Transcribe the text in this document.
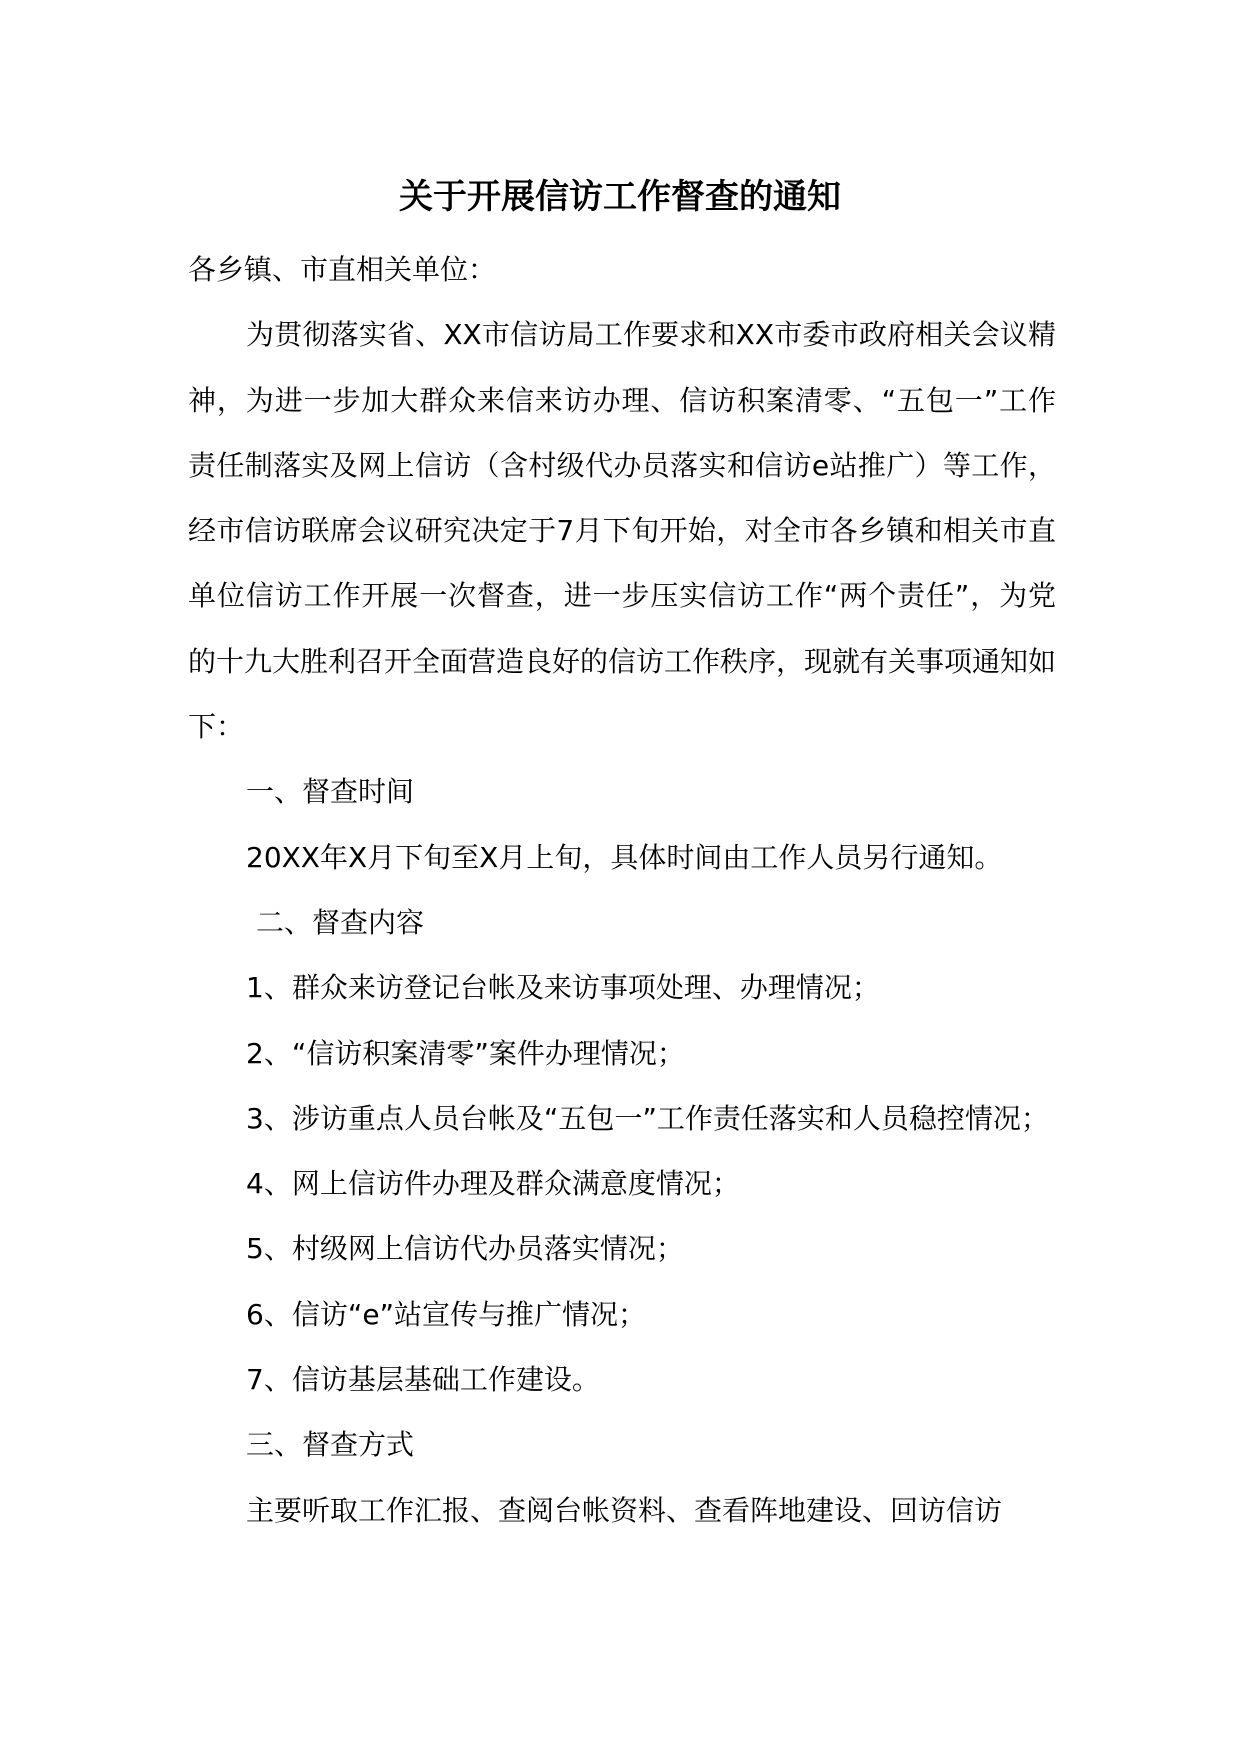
关于开展信访工作督查的通知

各乡镇、市直相关单位：

为贯彻落实省、XX市信访局工作要求和XX市委市政府相关会议精神，为进一步加大群众来信来访办理、信访积案清零、“五包一”工作责任制落实及网上信访（含村级代办员落实和信访e站推广）等工作，经市信访联席会议研究决定于7月下旬开始，对全市各乡镇和相关市直单位信访工作开展一次督查，进一步压实信访工作“两个责任”，为党的十九大胜利召开全面营造良好的信访工作秩序，现就有关事项通知如下：

一、督查时间

20XX年X月下旬至X月上旬，具体时间由工作人员另行通知。

二、督查内容

1、群众来访登记台帐及来访事项处理、办理情况；

2、“信访积案清零”案件办理情况；

3、涉访重点人员台帐及“五包一”工作责任落实和人员稳控情况；

4、网上信访件办理及群众满意度情况；

5、村级网上信访代办员落实情况；

6、信访“e”站宣传与推广情况；

7、信访基层基础工作建设。

三、督查方式

主要听取工作汇报、查阅台帐资料、查看阵地建设、回访信访
